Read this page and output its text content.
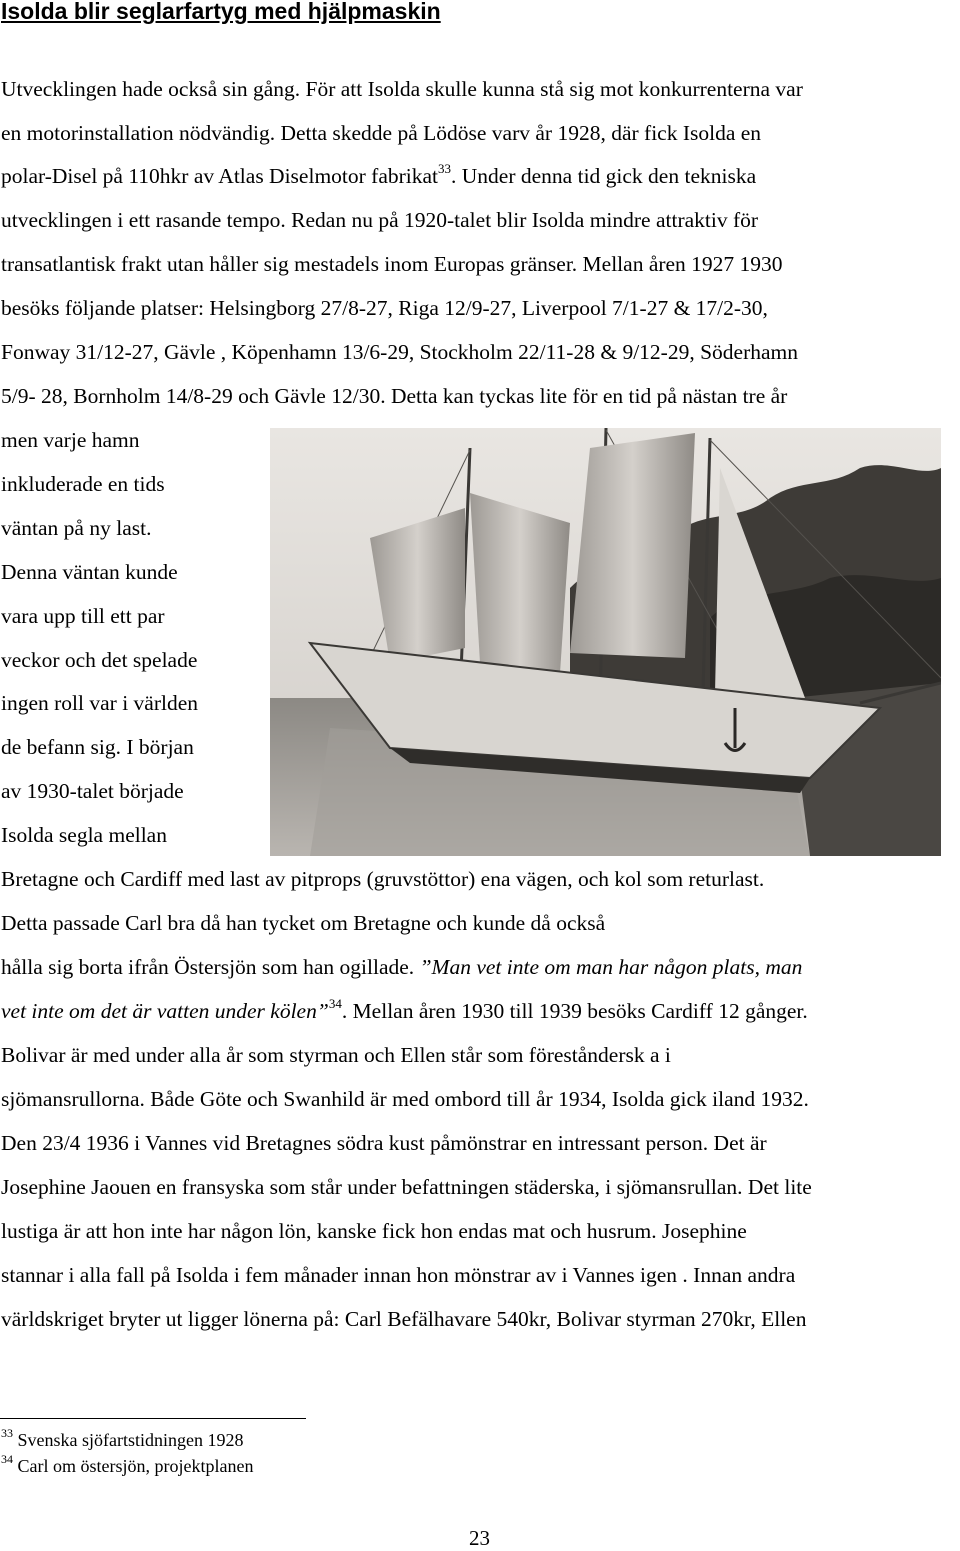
Isolda blir seglarfartyg med hjälpmaskin
Utvecklingen hade också sin gång. För att Isolda skulle kunna stå sig mot konkurrenterna var
en motorinstallation nödvändig. Detta skedde på Lödöse varv år 1928, där fick Isolda en
polar-Disel på 110hkr av Atlas Diselmotor fabrikat$^{33}$. Under denna tid gick den tekniska
utvecklingen i ett rasande tempo. Redan nu på 1920-talet blir Isolda mindre attraktiv för
transatlantisk frakt utan håller sig mestadels inom Europas gränser. Mellan åren 1927 1930
besöks följande platser: Helsingborg 27/8-27, Riga 12/9-27, Liverpool 7/1-27 & 17/2-30,
Fonway 31/12-27, Gävle , Köpenhamn 13/6-29, Stockholm 22/11-28 & 9/12-29, Söderhamn
5/9- 28, Bornholm 14/8-29 och Gävle 12/30. Detta kan tyckas lite för en tid på nästan tre år
men varje hamn
inkluderade en tids
väntan på ny last.
Denna väntan kunde
vara upp till ett par
veckor och det spelade
ingen roll var i världen
de befann sig. I början
av 1930-talet började
Isolda segla mellan
Bretagne och Cardiff med last av pitprops (gruvstöttor) ena vägen, och kol som returlast.
Detta passade Carl bra då han tycket om Bretagne och kunde då också
hålla sig borta ifrån Östersjön som han ogillade. ”Man vet inte om man har någon plats, man
vet inte om det är vatten under kölen”$^{34}$. Mellan åren 1930 till 1939 besöks Cardiff 12 gånger.
Bolivar är med under alla år som styrman och Ellen står som föreståndersk a i
sjömansrullorna. Både Göte och Swanhild är med ombord till år 1934, Isolda gick iland 1932.
Den 23/4 1936 i Vannes vid Bretagnes södra kust påmönstrar en intressant person. Det är
Josephine Jaouen en fransyska som står under befattningen städerska, i sjömansrullan. Det lite
lustiga är att hon inte har någon lön, kanske fick hon endas mat och husrum. Josephine
stannar i alla fall på Isolda i fem månader innan hon mönstrar av i Vannes igen . Innan andra
världskriget bryter ut ligger lönerna på: Carl Befälhavare 540kr, Bolivar styrman 270kr, Ellen
$^{33}$ Svenska sjöfartstidningen 1928
$^{34}$ Carl om östersjön, projektplanen
23
